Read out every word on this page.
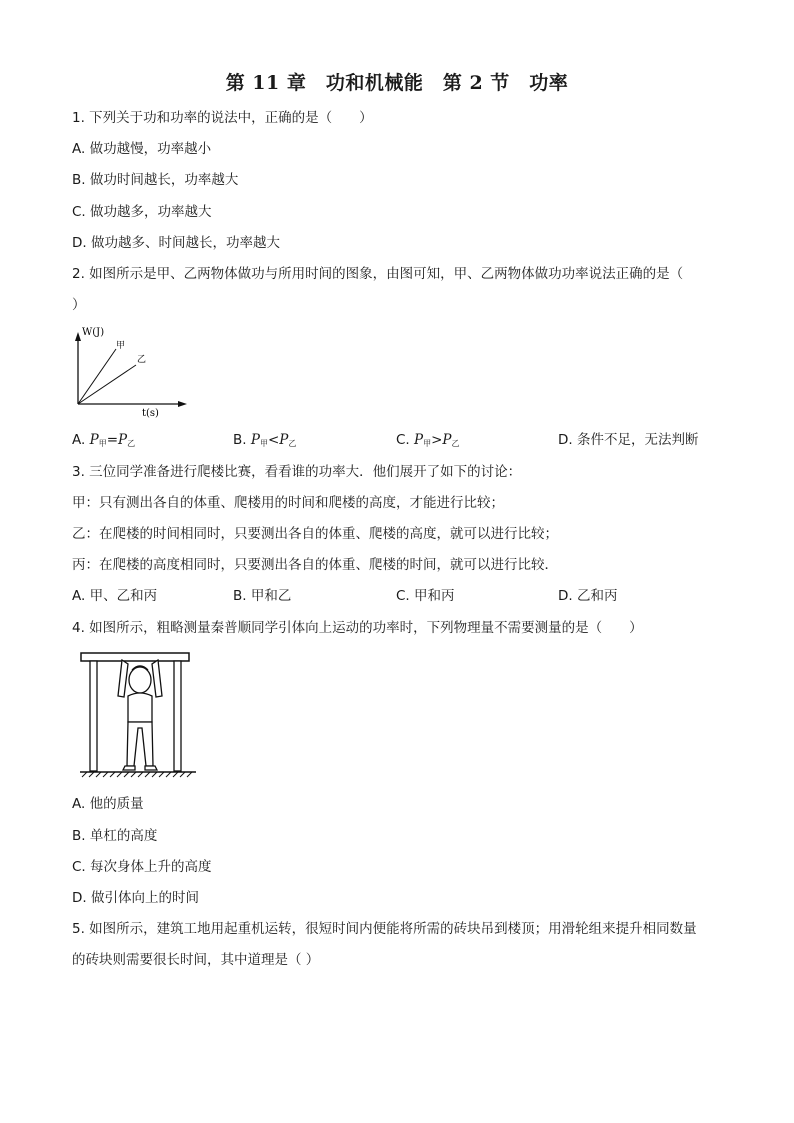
第 11 章　功和机械能　第 2 节　功率
1. 下列关于功和功率的说法中，正确的是（　　）
A. 做功越慢，功率越小
B. 做功时间越长，功率越大
C. 做功越多，功率越大
D. 做功越多、时间越长，功率越大
2. 如图所示是甲、乙两物体做功与所用时间的图象，由图可知，甲、乙两物体做功功率说法正确的是（
）
W(J)
甲
乙
t(s)
A. $P_甲=P_乙$	B. $P_甲<P_乙$	C. $P_甲>P_乙$	D. 条件不足，无法判断
3. 三位同学准备进行爬楼比赛，看看谁的功率大．他们展开了如下的讨论：
甲：只有测出各自的体重、爬楼用的时间和爬楼的高度，才能进行比较；
乙：在爬楼的时间相同时，只要测出各自的体重、爬楼的高度，就可以进行比较；
丙：在爬楼的高度相同时，只要测出各自的体重、爬楼的时间，就可以进行比较．
A. 甲、乙和丙	B. 甲和乙	C. 甲和丙	D. 乙和丙
4. 如图所示，粗略测量秦普顺同学引体向上运动的功率时，下列物理量不需要测量的是（　　）
A. 他的质量
B. 单杠的高度
C. 每次身体上升的高度
D. 做引体向上的时间
5. 如图所示，建筑工地用起重机运转，很短时间内便能将所需的砖块吊到楼顶；用滑轮组来提升相同数量
的砖块则需要很长时间，其中道理是（ ）
